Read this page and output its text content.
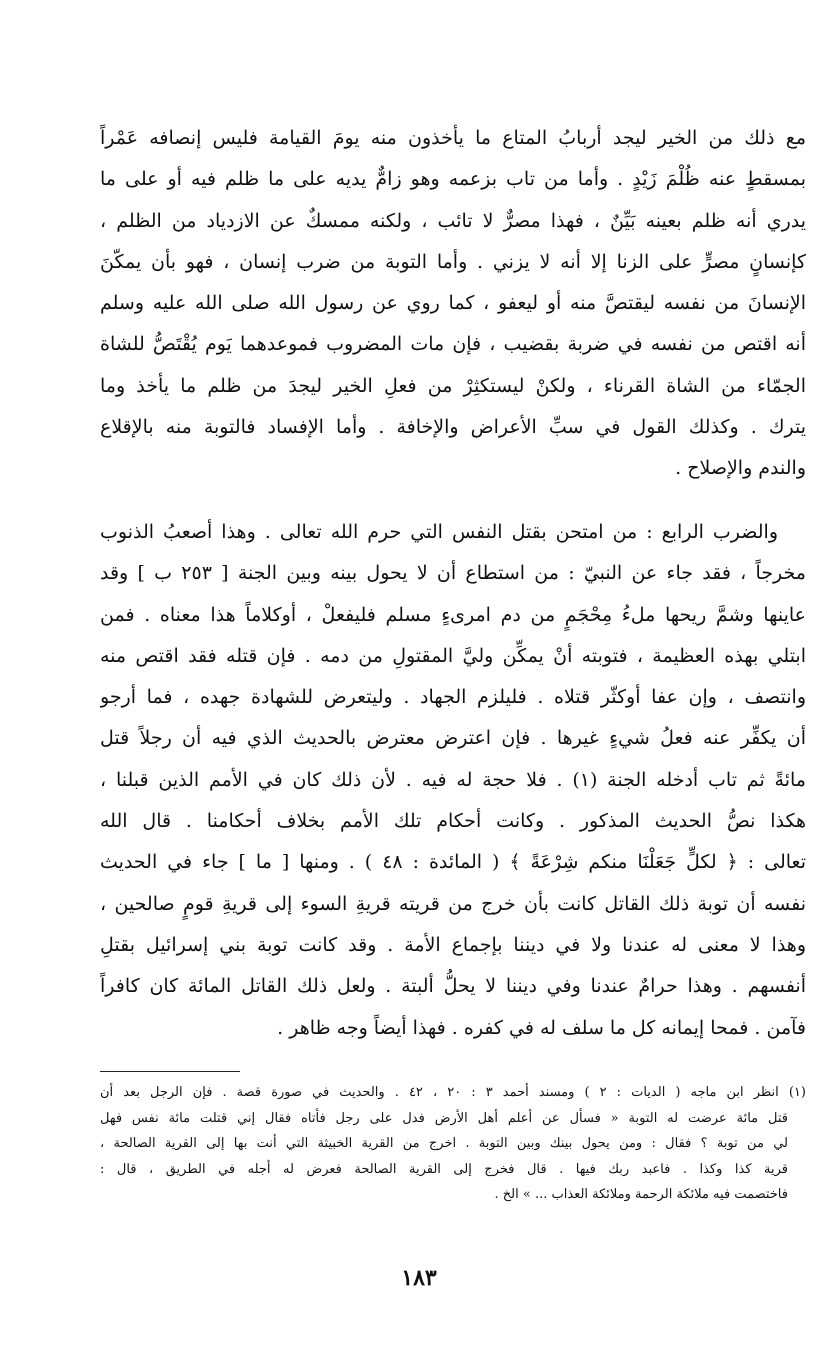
مع ذلك من الخير ليجد أربابُ المتاع ما يأخذون منه يومَ القيامة فليس إنصافه عَمْراً
بمسقطٍ عنه ظُلْمَ زَيْدٍ . وأما من تاب بزعمه وهو زامٌّ يديه على ما ظلم فيه أو على ما
يدري أنه ظلم بعينه بَيِّنٌ ، فهذا مصرٌّ لا تائب ، ولكنه ممسكٌ عن الازدياد من الظلم ،
كإنسانٍ مصرٍّ على الزنا إلا أنه لا يزني . وأما التوبة من ضرب إنسان ، فهو بأن يمكّنَ
الإنسانَ من نفسه ليقتصَّ منه أو ليعفو ، كما روي عن رسول الله صلى الله عليه وسلم
أنه اقتص من نفسه في ضربة بقضيب ، فإن مات المضروب فموعدهما يَوم يُقْتَصُّ للشاة
الجمّاء من الشاة القرناء ، ولكنْ ليستكثِرْ من فعلِ الخير ليجدَ من ظلم ما يأخذ وما
يترك . وكذلك القول في سبِّ الأعراض والإخافة . وأما الإفساد فالتوبة منه بالإقلاع
والندم والإصلاح .
والضرب الرابع : من امتحن بقتل النفس التي حرم الله تعالى . وهذا أصعبُ الذنوب
مخرجاً ، فقد جاء عن النبيّ : من استطاع أن لا يحول بينه وبين الجنة [ ٢٥٣ ب ] وقد
عاينها وشمَّ ريحها ملءُ مِحْجَمٍ من دم امرىءٍ مسلم فليفعلْ ، أوكلاماً هذا معناه . فمن
ابتلي بهذه العظيمة ، فتوبته أنْ يمكِّن وليَّ المقتولِ من دمه . فإن قتله فقد اقتص منه
وانتصف ، وإن عفا أوكثّر قتلاه . فليلزم الجهاد . وليتعرض للشهادة جهده ، فما أرجو
أن يكفِّر عنه فعلُ شيءٍ غيرها . فإن اعترض معترض بالحديث الذي فيه أن رجلاً قتل
مائةً ثم تاب أدخله الجنة (١) . فلا حجة له فيه . لأن ذلك كان في الأمم الذين قبلنا ،
هكذا نصُّ الحديث المذكور . وكانت أحكام تلك الأمم بخلاف أحكامنا . قال الله
تعالى : ﴿ لكلٍّ جَعَلْنَا منكم شِرْعَةً ﴾ ( المائدة : ٤٨ ) . ومنها [ ما ] جاء في الحديث
نفسه أن توبة ذلك القاتل كانت بأن خرج من قريته قريةِ السوء إلى قريةِ قومٍ صالحين ،
وهذا لا معنى له عندنا ولا في ديننا بإجماع الأمة . وقد كانت توبة بني إسرائيل بقتلِ
أنفسهم . وهذا حرامٌ عندنا وفي ديننا لا يحلُّ ألبتة . ولعل ذلك القاتل المائة كان كافراً
فآمن . فمحا إيمانه كل ما سلف له في كفره . فهذا أيضاً وجه ظاهر .
(١) انظر ابن ماجه ( الديات : ٢ ) ومسند أحمد ٣ : ٢٠ ، ٤٢ . والحديث في صورة قصة . فإن الرجل بعد أن
قتل مائة عرضت له التوبة « فسأل عن أعلم أهل الأرض فدل على رجل فأتاه فقال إني قتلت مائة نفس فهل
لي من توبة ؟ فقال : ومن يحول بينك وبين التوبة . اخرج من القرية الخبيثة التي أنت بها إلى القرية الصالحة ،
قرية كذا وكذا . فاعبد ربك فيها . قال فخرج إلى القرية الصالحة فعرض له أجله في الطريق ، قال :
فاختصمت فيه ملائكة الرحمة وملائكة العذاب ... » الخ .
١٨٣
